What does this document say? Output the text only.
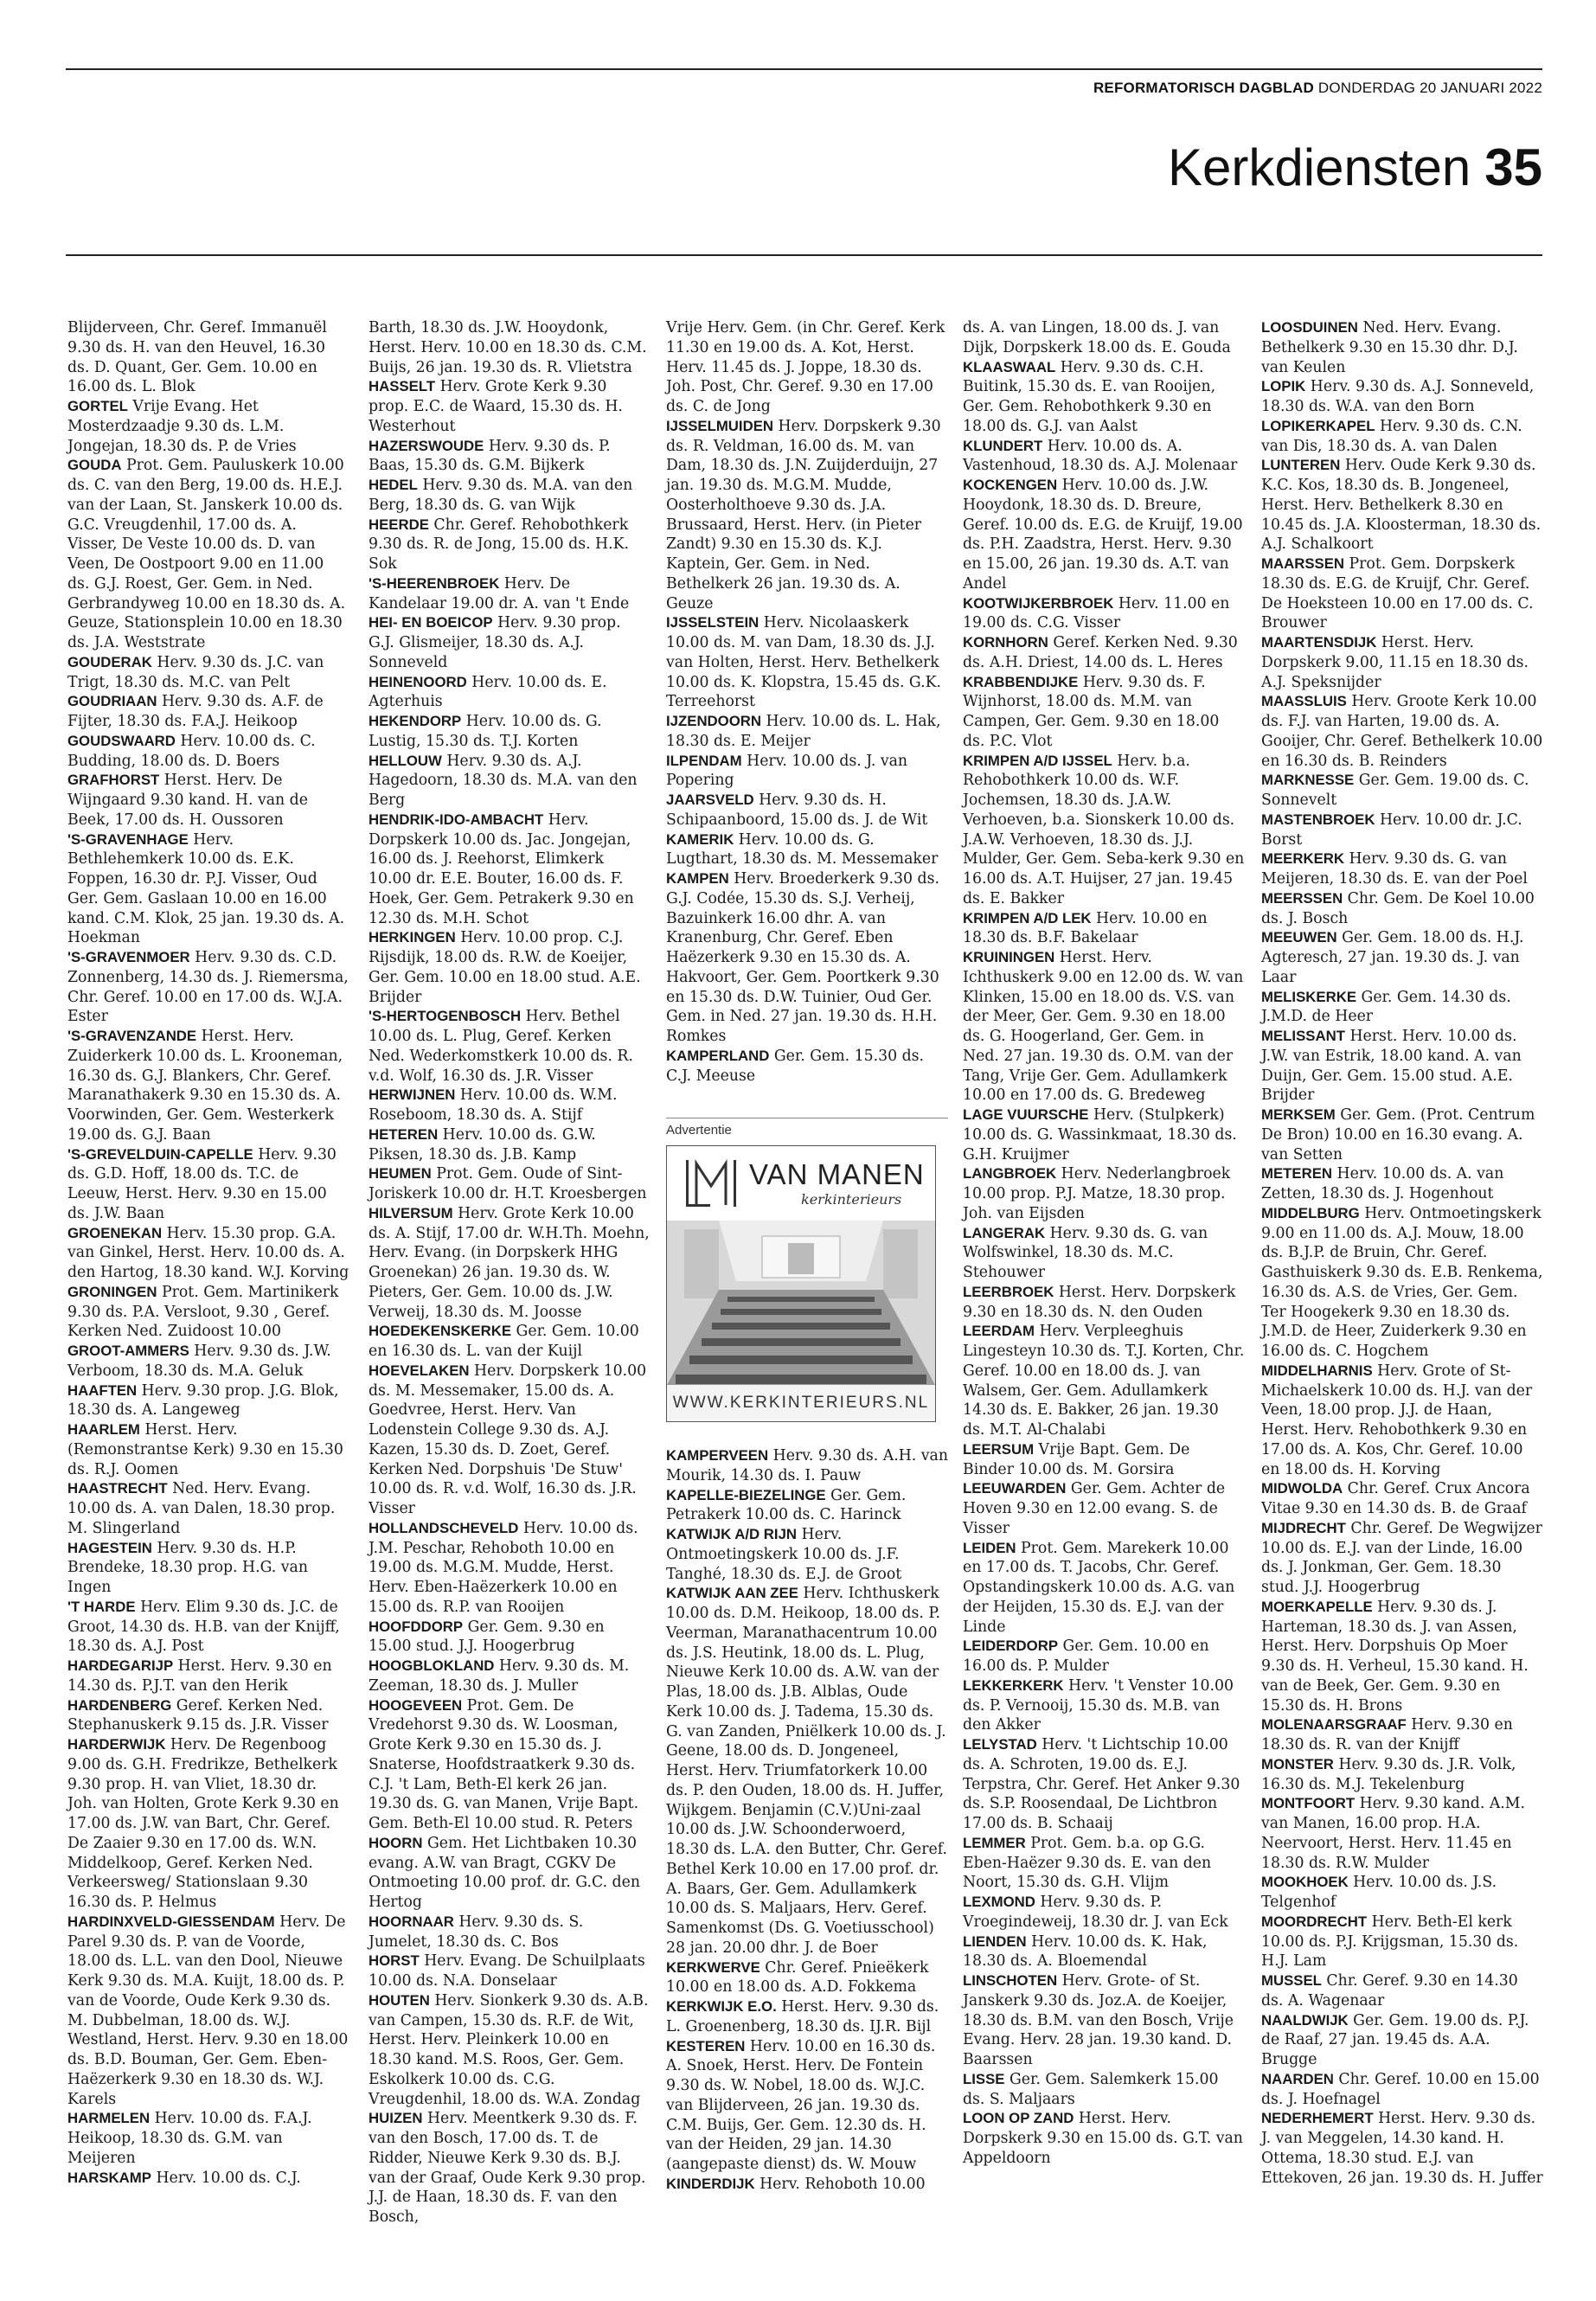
REFORMATORISCH DAGBLAD DONDERDAG 20 JANUARI 2022
Kerkdiensten 35

Blijderveen, Chr. Geref. Immanuël 9.30 ds. H. van den Heuvel, 16.30 ds. D. Quant, Ger. Gem. 10.00 en 16.00 ds. L. Blok

GORTEL Vrije Evang. Het Mosterdzaadje 9.30 ds. L.M. Jongejan, 18.30 ds. P. de Vries

GOUDA Prot. Gem. Pauluskerk 10.00 ds. C. van den Berg, 19.00 ds. H.E.J. van der Laan, St. Janskerk 10.00 ds. G.C. Vreugdenhil, 17.00 ds. A. Visser, De Veste 10.00 ds. D. van Veen, De Oostpoort 9.00 en 11.00 ds. G.J. Roest, Ger. Gem. in Ned. Gerbrandyweg 10.00 en 18.30 ds. A. Geuze, Stationsplein 10.00 en 18.30 ds. J.A. Weststrate

GOUDERAK Herv. 9.30 ds. J.C. van Trigt, 18.30 ds. M.C. van Pelt

GOUDRIAAN Herv. 9.30 ds. A.F. de Fijter, 18.30 ds. F.A.J. Heikoop

GOUDSWAARD Herv. 10.00 ds. C. Budding, 18.00 ds. D. Boers

GRAFHORST Herst. Herv. De Wijngaard 9.30 kand. H. van de Beek, 17.00 ds. H. Oussoren

'S-GRAVENHAGE Herv. Bethlehemkerk 10.00 ds. E.K. Foppen, 16.30 dr. P.J. Visser, Oud Ger. Gem. Gaslaan 10.00 en 16.00 kand. C.M. Klok, 25 jan. 19.30 ds. A. Hoekman

'S-GRAVENMOER Herv. 9.30 ds. C.D. Zonnenberg, 14.30 ds. J. Riemersma, Chr. Geref. 10.00 en 17.00 ds. W.J.A. Ester

'S-GRAVENZANDE Herst. Herv. Zuiderkerk 10.00 ds. L. Krooneman, 16.30 ds. G.J. Blankers, Chr. Geref. Maranathakerk 9.30 en 15.30 ds. A. Voorwinden, Ger. Gem. Westerkerk 19.00 ds. G.J. Baan

'S-GREVELDUIN-CAPELLE Herv. 9.30 ds. G.D. Hoff, 18.00 ds. T.C. de Leeuw, Herst. Herv. 9.30 en 15.00 ds. J.W. Baan

GROENEKAN Herv. 15.30 prop. G.A. van Ginkel, Herst. Herv. 10.00 ds. A. den Hartog, 18.30 kand. W.J. Korving

GRONINGEN Prot. Gem. Martinikerk 9.30 ds. P.A. Versloot, 9.30 , Geref. Kerken Ned. Zuidoost 10.00

GROOT-AMMERS Herv. 9.30 ds. J.W. Verboom, 18.30 ds. M.A. Geluk

HAAFTEN Herv. 9.30 prop. J.G. Blok, 18.30 ds. A. Langeweg

HAARLEM Herst. Herv. (Remonstrantse Kerk) 9.30 en 15.30 ds. R.J. Oomen

HAASTRECHT Ned. Herv. Evang. 10.00 ds. A. van Dalen, 18.30 prop. M. Slingerland

HAGESTEIN Herv. 9.30 ds. H.P. Brendeke, 18.30 prop. H.G. van Ingen

'T HARDE Herv. Elim 9.30 ds. J.C. de Groot, 14.30 ds. H.B. van der Knijff, 18.30 ds. A.J. Post

HARDEGARIJP Herst. Herv. 9.30 en 14.30 ds. P.J.T. van den Herik

HARDENBERG Geref. Kerken Ned. Stephanuskerk 9.15 ds. J.R. Visser

HARDERWIJK Herv. De Regenboog 9.00 ds. G.H. Fredrikze, Bethelkerk 9.30 prop. H. van Vliet, 18.30 dr. Joh. van Holten, Grote Kerk 9.30 en 17.00 ds. J.W. van Bart, Chr. Geref. De Zaaier 9.30 en 17.00 ds. W.N. Middelkoop, Geref. Kerken Ned. Verkeersweg/ Stationslaan 9.30 16.30 ds. P. Helmus

HARDINXVELD-GIESSENDAM Herv. De Parel 9.30 ds. P. van de Voorde, 18.00 ds. L.L. van den Dool, Nieuwe Kerk 9.30 ds. M.A. Kuijt, 18.00 ds. P. van de Voorde, Oude Kerk 9.30 ds. M. Dubbelman, 18.00 ds. W.J. Westland, Herst. Herv. 9.30 en 18.00 ds. B.D. Bouman, Ger. Gem. Eben-Haëzerkerk 9.30 en 18.30 ds. W.J. Karels

HARMELEN Herv. 10.00 ds. F.A.J. Heikoop, 18.30 ds. G.M. van Meijeren

HARSKAMP Herv. 10.00 ds. C.J.

Barth, 18.30 ds. J.W. Hooydonk, Herst. Herv. 10.00 en 18.30 ds. C.M. Buijs, 26 jan. 19.30 ds. R. Vlietstra

HASSELT Herv. Grote Kerk 9.30 prop. E.C. de Waard, 15.30 ds. H. Westerhout

HAZERSWOUDE Herv. 9.30 ds. P. Baas, 15.30 ds. G.M. Bijkerk

HEDEL Herv. 9.30 ds. M.A. van den Berg, 18.30 ds. G. van Wijk

HEERDE Chr. Geref. Rehobothkerk 9.30 ds. R. de Jong, 15.00 ds. H.K. Sok

'S-HEERENBROEK Herv. De Kandelaar 19.00 dr. A. van 't Ende

HEI- EN BOEICOP Herv. 9.30 prop. G.J. Glismeijer, 18.30 ds. A.J. Sonneveld

HEINENOORD Herv. 10.00 ds. E. Agterhuis

HEKENDORP Herv. 10.00 ds. G. Lustig, 15.30 ds. T.J. Korten

HELLOUW Herv. 9.30 ds. A.J. Hagedoorn, 18.30 ds. M.A. van den Berg

HENDRIK-IDO-AMBACHT Herv. Dorpskerk 10.00 ds. Jac. Jongejan, 16.00 ds. J. Reehorst, Elimkerk 10.00 dr. E.E. Bouter, 16.00 ds. F. Hoek, Ger. Gem. Petrakerk 9.30 en 12.30 ds. M.H. Schot

HERKINGEN Herv. 10.00 prop. C.J. Rijsdijk, 18.00 ds. R.W. de Koeijer, Ger. Gem. 10.00 en 18.00 stud. A.E. Brijder

'S-HERTOGENBOSCH Herv. Bethel 10.00 ds. L. Plug, Geref. Kerken Ned. Wederkomstkerk 10.00 ds. R. v.d. Wolf, 16.30 ds. J.R. Visser

HERWIJNEN Herv. 10.00 ds. W.M. Roseboom, 18.30 ds. A. Stijf

HETEREN Herv. 10.00 ds. G.W. Piksen, 18.30 ds. J.B. Kamp

HEUMEN Prot. Gem. Oude of Sint-Joriskerk 10.00 dr. H.T. Kroesbergen

HILVERSUM Herv. Grote Kerk 10.00 ds. A. Stijf, 17.00 dr. W.H.Th. Moehn, Herv. Evang. (in Dorpskerk HHG Groenekan) 26 jan. 19.30 ds. W. Pieters, Ger. Gem. 10.00 ds. J.W. Verweij, 18.30 ds. M. Joosse

HOEDEKENSKERKE Ger. Gem. 10.00 en 16.30 ds. L. van der Kuijl

HOEVELAKEN Herv. Dorpskerk 10.00 ds. M. Messemaker, 15.00 ds. A. Goedvree, Herst. Herv. Van Lodenstein College 9.30 ds. A.J. Kazen, 15.30 ds. D. Zoet, Geref. Kerken Ned. Dorpshuis 'De Stuw' 10.00 ds. R. v.d. Wolf, 16.30 ds. J.R. Visser

HOLLANDSCHEVELD Herv. 10.00 ds. J.M. Peschar, Rehoboth 10.00 en 19.00 ds. M.G.M. Mudde, Herst. Herv. Eben-Haëzerkerk 10.00 en 15.00 ds. R.P. van Rooijen

HOOFDDORP Ger. Gem. 9.30 en 15.00 stud. J.J. Hoogerbrug

HOOGBLOKLAND Herv. 9.30 ds. M. Zeeman, 18.30 ds. J. Muller

HOOGEVEEN Prot. Gem. De Vredehorst 9.30 ds. W. Loosman, Grote Kerk 9.30 en 15.30 ds. J. Snaterse, Hoofdstraatkerk 9.30 ds. C.J. 't Lam, Beth-El kerk 26 jan. 19.30 ds. G. van Manen, Vrije Bapt. Gem. Beth-El 10.00 stud. R. Peters

HOORN Gem. Het Lichtbaken 10.30 evang. A.W. van Bragt, CGKV De Ontmoeting 10.00 prof. dr. G.C. den Hertog

HOORNAAR Herv. 9.30 ds. S. Jumelet, 18.30 ds. C. Bos

HORST Herv. Evang. De Schuilplaats 10.00 ds. N.A. Donselaar

HOUTEN Herv. Sionkerk 9.30 ds. A.B. van Campen, 15.30 ds. R.F. de Wit, Herst. Herv. Pleinkerk 10.00 en 18.30 kand. M.S. Roos, Ger. Gem. Eskolkerk 10.00 ds. C.G. Vreugdenhil, 18.00 ds. W.A. Zondag

HUIZEN Herv. Meentkerk 9.30 ds. F. van den Bosch, 17.00 ds. T. de Ridder, Nieuwe Kerk 9.30 ds. B.J. van der Graaf, Oude Kerk 9.30 prop. J.J. de Haan, 18.30 ds. F. van den Bosch,

Vrije Herv. Gem. (in Chr. Geref. Kerk 11.30 en 19.00 ds. A. Kot, Herst. Herv. 11.45 ds. J. Joppe, 18.30 ds. Joh. Post, Chr. Geref. 9.30 en 17.00 ds. C. de Jong

IJSSELMUIDEN Herv. Dorpskerk 9.30 ds. R. Veldman, 16.00 ds. M. van Dam, 18.30 ds. J.N. Zuijderduijn, 27 jan. 19.30 ds. M.G.M. Mudde, Oosterholthoeve 9.30 ds. J.A. Brussaard, Herst. Herv. (in Pieter Zandt) 9.30 en 15.30 ds. K.J. Kaptein, Ger. Gem. in Ned. Bethelkerk 26 jan. 19.30 ds. A. Geuze

IJSSELSTEIN Herv. Nicolaaskerk 10.00 ds. M. van Dam, 18.30 ds. J.J. van Holten, Herst. Herv. Bethelkerk 10.00 ds. K. Klopstra, 15.45 ds. G.K. Terreehorst

IJZENDOORN Herv. 10.00 ds. L. Hak, 18.30 ds. E. Meijer

ILPENDAM Herv. 10.00 ds. J. van Popering

JAARSVELD Herv. 9.30 ds. H. Schipaanboord, 15.00 ds. J. de Wit

KAMERIK Herv. 10.00 ds. G. Lugthart, 18.30 ds. M. Messemaker

KAMPEN Herv. Broederkerk 9.30 ds. G.J. Codée, 15.30 ds. S.J. Verheij, Bazuinkerk 16.00 dhr. A. van Kranenburg, Chr. Geref. Eben Haëzerkerk 9.30 en 15.30 ds. A. Hakvoort, Ger. Gem. Poortkerk 9.30 en 15.30 ds. D.W. Tuinier, Oud Ger. Gem. in Ned. 27 jan. 19.30 ds. H.H. Romkes

KAMPERLAND Ger. Gem. 15.30 ds. C.J. Meeuse

Advertentie
VAN MANEN
kerkinterieurs
WWW.KERKINTERIEURS.NL

KAMPERVEEN Herv. 9.30 ds. A.H. van Mourik, 14.30 ds. I. Pauw

KAPELLE-BIEZELINGE Ger. Gem. Petrakerk 10.00 ds. C. Harinck

KATWIJK A/D RIJN Herv. Ontmoetingskerk 10.00 ds. J.F. Tanghé, 18.30 ds. E.J. de Groot

KATWIJK AAN ZEE Herv. Ichthuskerk 10.00 ds. D.M. Heikoop, 18.00 ds. P. Veerman, Maranathacentrum 10.00 ds. J.S. Heutink, 18.00 ds. L. Plug, Nieuwe Kerk 10.00 ds. A.W. van der Plas, 18.00 ds. J.B. Alblas, Oude Kerk 10.00 ds. J. Tadema, 15.30 ds. G. van Zanden, Pniëlkerk 10.00 ds. J. Geene, 18.00 ds. D. Jongeneel, Herst. Herv. Triumfatorkerk 10.00 ds. P. den Ouden, 18.00 ds. H. Juffer, Wijkgem. Benjamin (C.V.)Uni-zaal 10.00 ds. J.W. Schoonderwoerd, 18.30 ds. L.A. den Butter, Chr. Geref. Bethel Kerk 10.00 en 17.00 prof. dr. A. Baars, Ger. Gem. Adullamkerk 10.00 ds. S. Maljaars, Herv. Geref. Samenkomst (Ds. G. Voetiusschool) 28 jan. 20.00 dhr. J. de Boer

KERKWERVE Chr. Geref. Pnieëkerk 10.00 en 18.00 ds. A.D. Fokkema

KERKWIJK E.O. Herst. Herv. 9.30 ds. L. Groenenberg, 18.30 ds. IJ.R. Bijl

KESTEREN Herv. 10.00 en 16.30 ds. A. Snoek, Herst. Herv. De Fontein 9.30 ds. W. Nobel, 18.00 ds. W.J.C. van Blijderveen, 26 jan. 19.30 ds. C.M. Buijs, Ger. Gem. 12.30 ds. H. van der Heiden, 29 jan. 14.30 (aangepaste dienst) ds. W. Mouw

KINDERDIJK Herv. Rehoboth 10.00

ds. A. van Lingen, 18.00 ds. J. van Dijk, Dorpskerk 18.00 ds. E. Gouda

KLAASWAAL Herv. 9.30 ds. C.H. Buitink, 15.30 ds. E. van Rooijen, Ger. Gem. Rehobothkerk 9.30 en 18.00 ds. G.J. van Aalst

KLUNDERT Herv. 10.00 ds. A. Vastenhoud, 18.30 ds. A.J. Molenaar

KOCKENGEN Herv. 10.00 ds. J.W. Hooydonk, 18.30 ds. D. Breure, Geref. 10.00 ds. E.G. de Kruijf, 19.00 ds. P.H. Zaadstra, Herst. Herv. 9.30 en 15.00, 26 jan. 19.30 ds. A.T. van Andel

KOOTWIJKERBROEK Herv. 11.00 en 19.00 ds. C.G. Visser

KORNHORN Geref. Kerken Ned. 9.30 ds. A.H. Driest, 14.00 ds. L. Heres

KRABBENDIJKE Herv. 9.30 ds. F. Wijnhorst, 18.00 ds. M.M. van Campen, Ger. Gem. 9.30 en 18.00 ds. P.C. Vlot

KRIMPEN A/D IJSSEL Herv. b.a. Rehobothkerk 10.00 ds. W.F. Jochemsen, 18.30 ds. J.A.W. Verhoeven, b.a. Sionskerk 10.00 ds. J.A.W. Verhoeven, 18.30 ds. J.J. Mulder, Ger. Gem. Seba-kerk 9.30 en 16.00 ds. A.T. Huijser, 27 jan. 19.45 ds. E. Bakker

KRIMPEN A/D LEK Herv. 10.00 en 18.30 ds. B.F. Bakelaar

KRUININGEN Herst. Herv. Ichthuskerk 9.00 en 12.00 ds. W. van Klinken, 15.00 en 18.00 ds. V.S. van der Meer, Ger. Gem. 9.30 en 18.00 ds. G. Hoogerland, Ger. Gem. in Ned. 27 jan. 19.30 ds. O.M. van der Tang, Vrije Ger. Gem. Adullamkerk 10.00 en 17.00 ds. G. Bredeweg

LAGE VUURSCHE Herv. (Stulpkerk) 10.00 ds. G. Wassinkmaat, 18.30 ds. G.H. Kruijmer

LANGBROEK Herv. Nederlangbroek 10.00 prop. P.J. Matze, 18.30 prop. Joh. van Eijsden

LANGERAK Herv. 9.30 ds. G. van Wolfswinkel, 18.30 ds. M.C. Stehouwer

LEERBROEK Herst. Herv. Dorpskerk 9.30 en 18.30 ds. N. den Ouden

LEERDAM Herv. Verpleeghuis Lingesteyn 10.30 ds. T.J. Korten, Chr. Geref. 10.00 en 18.00 ds. J. van Walsem, Ger. Gem. Adullamkerk 14.30 ds. E. Bakker, 26 jan. 19.30 ds. M.T. Al-Chalabi

LEERSUM Vrije Bapt. Gem. De Binder 10.00 ds. M. Gorsira

LEEUWARDEN Ger. Gem. Achter de Hoven 9.30 en 12.00 evang. S. de Visser

LEIDEN Prot. Gem. Marekerk 10.00 en 17.00 ds. T. Jacobs, Chr. Geref. Opstandingskerk 10.00 ds. A.G. van der Heijden, 15.30 ds. E.J. van der Linde

LEIDERDORP Ger. Gem. 10.00 en 16.00 ds. P. Mulder

LEKKERKERK Herv. 't Venster 10.00 ds. P. Vernooij, 15.30 ds. M.B. van den Akker

LELYSTAD Herv. 't Lichtschip 10.00 ds. A. Schroten, 19.00 ds. E.J. Terpstra, Chr. Geref. Het Anker 9.30 ds. S.P. Roosendaal, De Lichtbron 17.00 ds. B. Schaaij

LEMMER Prot. Gem. b.a. op G.G. Eben-Haëzer 9.30 ds. E. van den Noort, 15.30 ds. G.H. Vlijm

LEXMOND Herv. 9.30 ds. P. Vroegindeweij, 18.30 dr. J. van Eck

LIENDEN Herv. 10.00 ds. K. Hak, 18.30 ds. A. Bloemendal

LINSCHOTEN Herv. Grote- of St. Janskerk 9.30 ds. Joz.A. de Koeijer, 18.30 ds. B.M. van den Bosch, Vrije Evang. Herv. 28 jan. 19.30 kand. D. Baarssen

LISSE Ger. Gem. Salemkerk 15.00 ds. S. Maljaars

LOON OP ZAND Herst. Herv. Dorpskerk 9.30 en 15.00 ds. G.T. van Appeldoorn

LOOSDUINEN Ned. Herv. Evang. Bethelkerk 9.30 en 15.30 dhr. D.J. van Keulen

LOPIK Herv. 9.30 ds. A.J. Sonneveld, 18.30 ds. W.A. van den Born

LOPIKERKAPEL Herv. 9.30 ds. C.N. van Dis, 18.30 ds. A. van Dalen

LUNTEREN Herv. Oude Kerk 9.30 ds. K.C. Kos, 18.30 ds. B. Jongeneel, Herst. Herv. Bethelkerk 8.30 en 10.45 ds. J.A. Kloosterman, 18.30 ds. A.J. Schalkoort

MAARSSEN Prot. Gem. Dorpskerk 18.30 ds. E.G. de Kruijf, Chr. Geref. De Hoeksteen 10.00 en 17.00 ds. C. Brouwer

MAARTENSDIJK Herst. Herv. Dorpskerk 9.00, 11.15 en 18.30 ds. A.J. Speksnijder

MAASSLUIS Herv. Groote Kerk 10.00 ds. F.J. van Harten, 19.00 ds. A. Gooijer, Chr. Geref. Bethelkerk 10.00 en 16.30 ds. B. Reinders

MARKNESSE Ger. Gem. 19.00 ds. C. Sonnevelt

MASTENBROEK Herv. 10.00 dr. J.C. Borst

MEERKERK Herv. 9.30 ds. G. van Meijeren, 18.30 ds. E. van der Poel

MEERSSEN Chr. Gem. De Koel 10.00 ds. J. Bosch

MEEUWEN Ger. Gem. 18.00 ds. H.J. Agteresch, 27 jan. 19.30 ds. J. van Laar

MELISKERKE Ger. Gem. 14.30 ds. J.M.D. de Heer

MELISSANT Herst. Herv. 10.00 ds. J.W. van Estrik, 18.00 kand. A. van Duijn, Ger. Gem. 15.00 stud. A.E. Brijder

MERKSEM Ger. Gem. (Prot. Centrum De Bron) 10.00 en 16.30 evang. A. van Setten

METEREN Herv. 10.00 ds. A. van Zetten, 18.30 ds. J. Hogenhout

MIDDELBURG Herv. Ontmoetingskerk 9.00 en 11.00 ds. A.J. Mouw, 18.00 ds. B.J.P. de Bruin, Chr. Geref. Gasthuiskerk 9.30 ds. E.B. Renkema, 16.30 ds. A.S. de Vries, Ger. Gem. Ter Hoogekerk 9.30 en 18.30 ds. J.M.D. de Heer, Zuiderkerk 9.30 en 16.00 ds. C. Hogchem

MIDDELHARNIS Herv. Grote of St-Michaelskerk 10.00 ds. H.J. van der Veen, 18.00 prop. J.J. de Haan, Herst. Herv. Rehobothkerk 9.30 en 17.00 ds. A. Kos, Chr. Geref. 10.00 en 18.00 ds. H. Korving

MIDWOLDA Chr. Geref. Crux Ancora Vitae 9.30 en 14.30 ds. B. de Graaf

MIJDRECHT Chr. Geref. De Wegwijzer 10.00 ds. E.J. van der Linde, 16.00 ds. J. Jonkman, Ger. Gem. 18.30 stud. J.J. Hoogerbrug

MOERKAPELLE Herv. 9.30 ds. J. Harteman, 18.30 ds. J. van Assen, Herst. Herv. Dorpshuis Op Moer 9.30 ds. H. Verheul, 15.30 kand. H. van de Beek, Ger. Gem. 9.30 en 15.30 ds. H. Brons

MOLENAARSGRAAF Herv. 9.30 en 18.30 ds. R. van der Knijff

MONSTER Herv. 9.30 ds. J.R. Volk, 16.30 ds. M.J. Tekelenburg

MONTFOORT Herv. 9.30 kand. A.M. van Manen, 16.00 prop. H.A. Neervoort, Herst. Herv. 11.45 en 18.30 ds. R.W. Mulder

MOOKHOEK Herv. 10.00 ds. J.S. Telgenhof

MOORDRECHT Herv. Beth-El kerk 10.00 ds. P.J. Krijgsman, 15.30 ds. H.J. Lam

MUSSEL Chr. Geref. 9.30 en 14.30 ds. A. Wagenaar

NAALDWIJK Ger. Gem. 19.00 ds. P.J. de Raaf, 27 jan. 19.45 ds. A.A. Brugge

NAARDEN Chr. Geref. 10.00 en 15.00 ds. J. Hoefnagel

NEDERHEMERT Herst. Herv. 9.30 ds. J. van Meggelen, 14.30 kand. H. Ottema, 18.30 stud. E.J. van Ettekoven, 26 jan. 19.30 ds. H. Juffer
